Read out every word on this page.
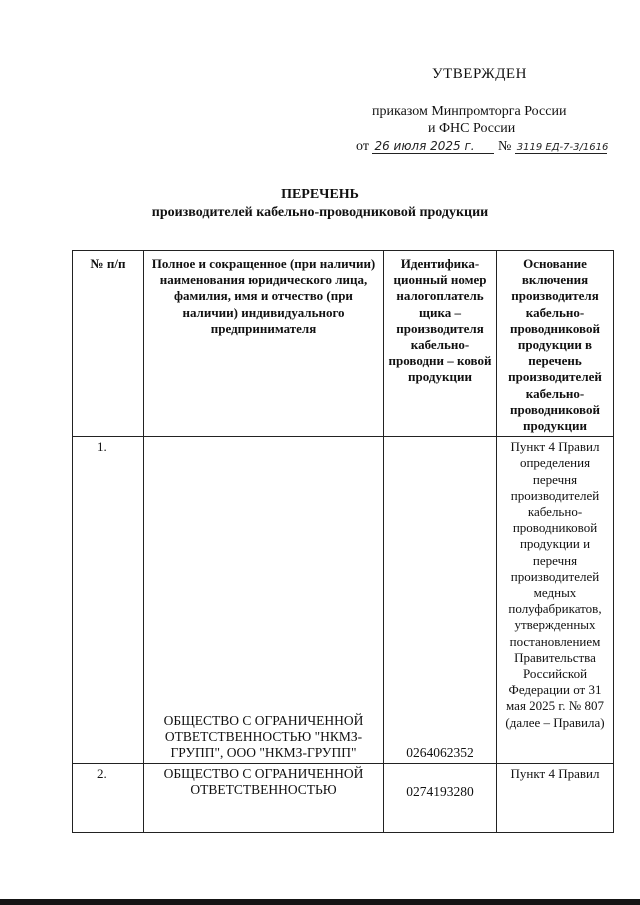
УТВЕРЖДЕН
приказом Минпромторга России
и ФНС России
от 26 июля 2025 г. № 3119 ЕД-7-3/1616
ПЕРЕЧЕНЬ
производителей кабельно-проводниковой продукции
№ п/п	Полное и сокращенное (при наличии) наименования юридического лица, фамилия, имя и отчество (при наличии) индивидуального предпринимателя	Идентифика-ционный номер налогоплатель щика – производителя кабельно-проводни – ковой продукции	Основание включения производителя кабельно-проводниковой продукции в перечень производителей кабельно-проводниковой продукции
1.	ОБЩЕСТВО С ОГРАНИЧЕННОЙ ОТВЕТСТВЕННОСТЬЮ "НКМЗ-ГРУПП", ООО "НКМЗ-ГРУПП"	0264062352	Пункт 4 Правил определения перечня производителей кабельно-проводниковой продукции и перечня производителей медных полуфабрикатов, утвержденных постановлением Правительства Российской Федерации от 31 мая 2025 г. № 807 (далее – Правила)
2.	ОБЩЕСТВО С ОГРАНИЧЕННОЙ ОТВЕТСТВЕННОСТЬЮ	0274193280	Пункт 4 Правил
